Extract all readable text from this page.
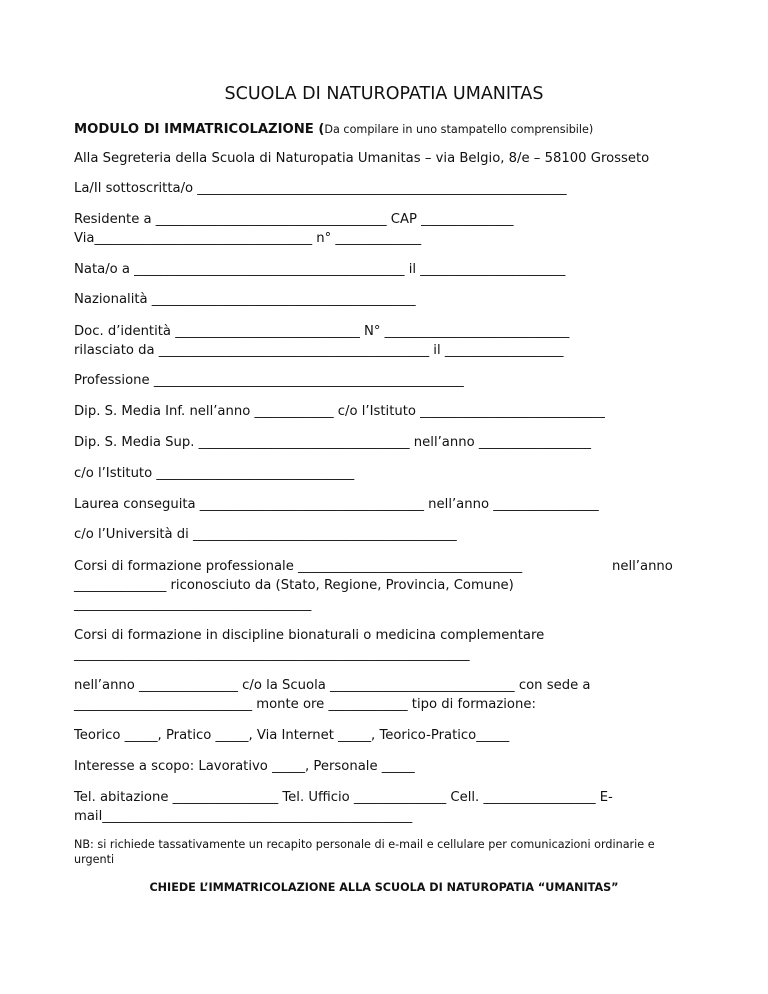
SCUOLA DI NATUROPATIA UMANITAS
MODULO DI IMMATRICOLAZIONE (Da compilare in uno stampatello comprensibile)
Alla Segreteria della Scuola di Naturopatia Umanitas – via Belgio, 8/e – 58100 Grosseto
La/Il sottoscritta/o ________________________________________________________
Residente a ___________________________________ CAP ______________
Via_________________________________ n° _____________
Nata/o a _________________________________________ il ______________________
Nazionalità ________________________________________
Doc. d’identità ____________________________ N° ____________________________
rilasciato da _________________________________________ il __________________
Professione _______________________________________________
Dip. S. Media Inf. nell’anno ____________ c/o l’Istituto ____________________________
Dip. S. Media Sup. ________________________________ nell’anno _________________
c/o l’Istituto ______________________________
Laurea conseguita __________________________________ nell’anno ________________
c/o l’Università di ________________________________________
Corsi di formazione professionale __________________________________	nell’anno
______________ riconosciuto da (Stato, Regione, Provincia, Comune)
____________________________________
Corsi di formazione in discipline bionaturali o medicina complementare
____________________________________________________________
nell’anno _______________ c/o la Scuola ____________________________ con sede a
___________________________ monte ore ____________ tipo di formazione:
Teorico _____, Pratico _____, Via Internet _____, Teorico-Pratico_____
Interesse a scopo: Lavorativo _____, Personale _____
Tel. abitazione ________________ Tel. Ufficio ______________ Cell. _________________ E-
mail_______________________________________________
NB: si richiede tassativamente un recapito personale di e-mail e cellulare per comunicazioni ordinarie e
urgenti
CHIEDE L’IMMATRICOLAZIONE ALLA SCUOLA DI NATUROPATIA “UMANITAS”
